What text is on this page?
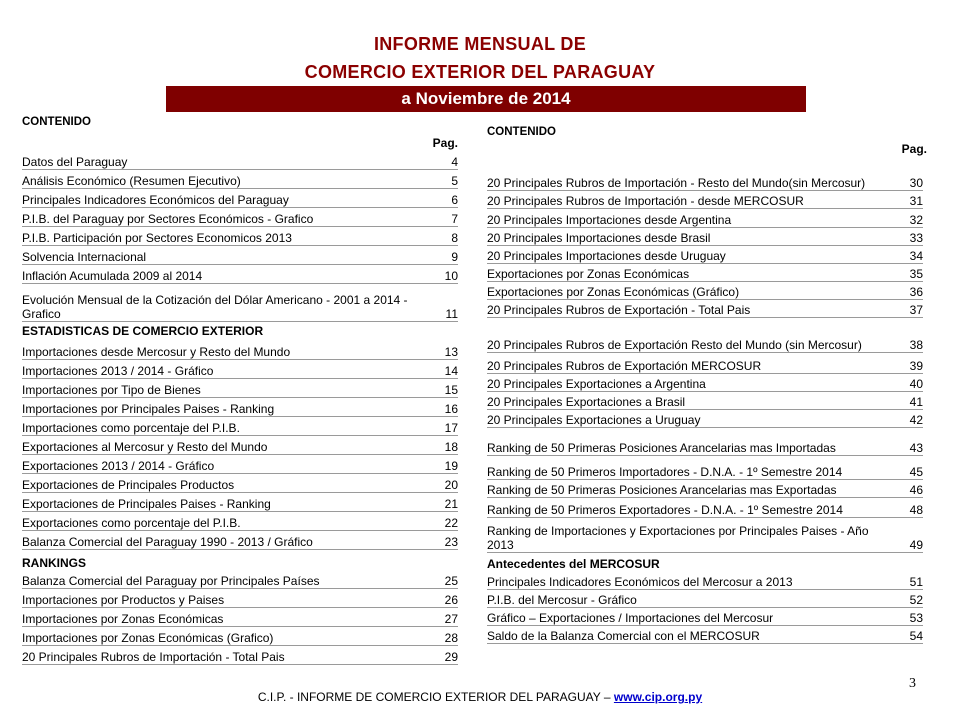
INFORME MENSUAL DE
COMERCIO EXTERIOR DEL PARAGUAY
a Noviembre de 2014
CONTENIDO
Pag.
Datos del Paraguay	4
Análisis Económico (Resumen Ejecutivo)	5
Principales Indicadores Económicos del Paraguay	6
P.I.B. del Paraguay por Sectores Económicos - Grafico	7
P.I.B. Participación por Sectores Economicos 2013	8
Solvencia Internacional	9
Inflación Acumulada 2009 al 2014	10
Evolución Mensual de la Cotización del Dólar Americano - 2001 a 2014 - Grafico	11
ESTADISTICAS DE COMERCIO EXTERIOR
Importaciones desde Mercosur y Resto del Mundo	13
Importaciones 2013 / 2014 - Gráfico	14
Importaciones por Tipo de Bienes	15
Importaciones por Principales Paises - Ranking	16
Importaciones como porcentaje del P.I.B.	17
Exportaciones al Mercosur y Resto del Mundo	18
Exportaciones 2013 / 2014 - Gráfico	19
Exportaciones de Principales Productos	20
Exportaciones de Principales Paises - Ranking	21
Exportaciones como porcentaje del P.I.B.	22
Balanza Comercial del Paraguay 1990 - 2013 / Gráfico	23
RANKINGS
Balanza Comercial del Paraguay por Principales Países	25
Importaciones por Productos y Paises	26
Importaciones por Zonas Económicas	27
Importaciones por Zonas Económicas (Grafico)	28
20 Principales Rubros de Importación - Total Pais	29
CONTENIDO
Pag.
20 Principales Rubros de Importación - Resto del Mundo(sin Mercosur)	30
20 Principales Rubros de Importación - desde MERCOSUR	31
20 Principales Importaciones desde Argentina	32
20 Principales Importaciones desde Brasil	33
20 Principales Importaciones desde Uruguay	34
Exportaciones por Zonas Económicas	35
Exportaciones por Zonas Económicas (Gráfico)	36
20 Principales Rubros de Exportación - Total Pais	37
20 Principales Rubros de Exportación Resto del Mundo (sin Mercosur)	38
20 Principales Rubros de Exportación MERCOSUR	39
20 Principales Exportaciones a Argentina	40
20 Principales Exportaciones a Brasil	41
20 Principales Exportaciones a Uruguay	42
Ranking de 50 Primeras Posiciones Arancelarias mas Importadas	43
Ranking de 50 Primeros Importadores - D.N.A. - 1º Semestre 2014	45
Ranking de 50 Primeras Posiciones Arancelarias mas Exportadas	46
Ranking de 50 Primeros Exportadores - D.N.A. - 1º Semestre 2014	48
Ranking de Importaciones y Exportaciones por Principales Paises - Año 2013	49
Antecedentes del MERCOSUR
Principales Indicadores Económicos del Mercosur a 2013	51
P.I.B. del Mercosur - Gráfico	52
Gráfico – Exportaciones / Importaciones del Mercosur	53
Saldo de la Balanza Comercial con el MERCOSUR	54
C.I.P. - INFORME DE COMERCIO EXTERIOR DEL PARAGUAY – www.cip.org.py
3
